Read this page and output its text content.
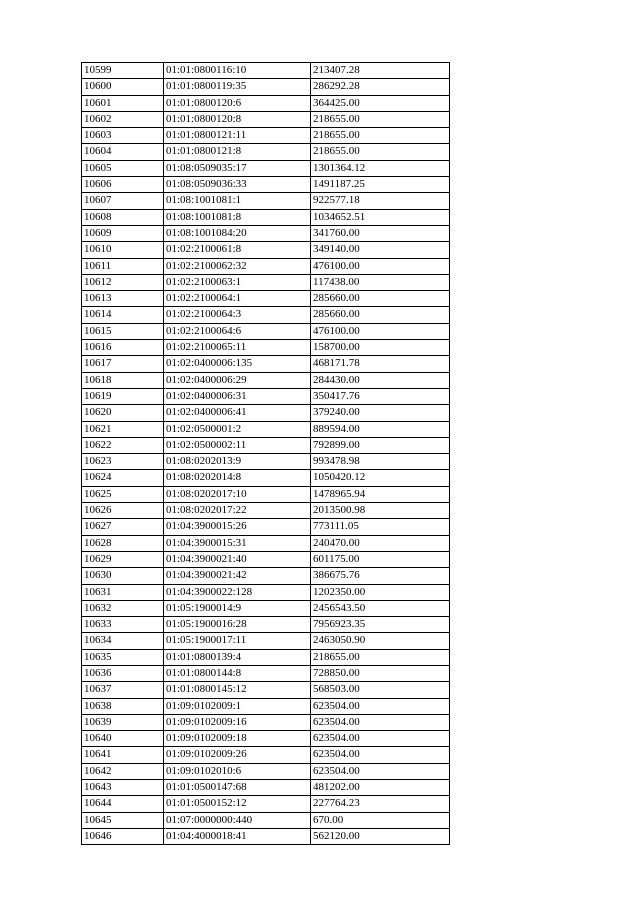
10599	01:01:0800116:10	213407.28
10600	01:01:0800119:35	286292.28
10601	01:01:0800120:6	364425.00
10602	01:01:0800120:8	218655.00
10603	01:01:0800121:11	218655.00
10604	01:01:0800121:8	218655.00
10605	01:08:0509035:17	1301364.12
10606	01:08:0509036:33	1491187.25
10607	01:08:1001081:1	922577.18
10608	01:08:1001081:8	1034652.51
10609	01:08:1001084:20	341760.00
10610	01:02:2100061:8	349140.00
10611	01:02:2100062:32	476100.00
10612	01:02:2100063:1	117438.00
10613	01:02:2100064:1	285660.00
10614	01:02:2100064:3	285660.00
10615	01:02:2100064:6	476100.00
10616	01:02:2100065:11	158700.00
10617	01:02:0400006:135	468171.78
10618	01:02:0400006:29	284430.00
10619	01:02:0400006:31	350417.76
10620	01:02:0400006:41	379240.00
10621	01:02:0500001:2	889594.00
10622	01:02:0500002:11	792899.00
10623	01:08:0202013:9	993478.98
10624	01:08:0202014:8	1050420.12
10625	01:08:0202017:10	1478965.94
10626	01:08:0202017:22	2013500.98
10627	01:04:3900015:26	773111.05
10628	01:04:3900015:31	240470.00
10629	01:04:3900021:40	601175.00
10630	01:04:3900021:42	386675.76
10631	01:04:3900022:128	1202350.00
10632	01:05:1900014:9	2456543.50
10633	01:05:1900016:28	7956923.35
10634	01:05:1900017:11	2463050.90
10635	01:01:0800139:4	218655.00
10636	01:01:0800144:8	728850.00
10637	01:01:0800145:12	568503.00
10638	01:09:0102009:1	623504.00
10639	01:09:0102009:16	623504.00
10640	01:09:0102009:18	623504.00
10641	01:09:0102009:26	623504.00
10642	01:09:0102010:6	623504.00
10643	01:01:0500147:68	481202.00
10644	01:01:0500152:12	227764.23
10645	01:07:0000000:440	670.00
10646	01:04:4000018:41	562120.00
